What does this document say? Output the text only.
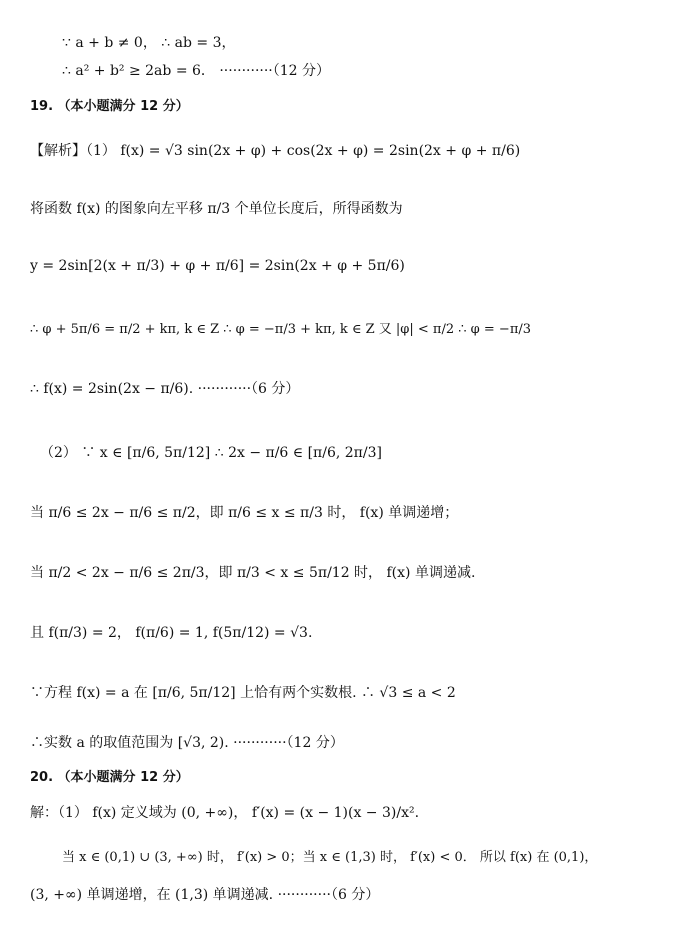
∵ a + b ≠ 0， ∴ ab = 3，
∴ a² + b² ≥ 2ab = 6． ············（12 分）
19. （本小题满分 12 分）
【解析】（1） f(x) = √3 sin(2x + φ) + cos(2x + φ) = 2sin(2x + φ + π/6)
将函数 f(x) 的图象向左平移 π/3 个单位长度后，所得函数为
y = 2sin[2(x + π/3) + φ + π/6] = 2sin(2x + φ + 5π/6)
∴ φ + 5π/6 = π/2 + kπ, k ∈ Z ∴ φ = −π/3 + kπ, k ∈ Z 又 |φ| < π/2 ∴ φ = −π/3
∴ f(x) = 2sin(2x − π/6). ············（6 分）
（2） ∵ x ∈ [π/6, 5π/12] ∴ 2x − π/6 ∈ [π/6, 2π/3]
当 π/6 ≤ 2x − π/6 ≤ π/2，即 π/6 ≤ x ≤ π/3 时， f(x) 单调递增；
当 π/2 < 2x − π/6 ≤ 2π/3，即 π/3 < x ≤ 5π/12 时， f(x) 单调递减.
且 f(π/3) = 2， f(π/6) = 1, f(5π/12) = √3.
∵方程 f(x) = a 在 [π/6, 5π/12] 上恰有两个实数根. ∴ √3 ≤ a < 2
∴实数 a 的取值范围为 [√3, 2). ············（12 分）
20. （本小题满分 12 分）
解：（1） f(x) 定义域为 (0, +∞)， f′(x) = (x − 1)(x − 3)/x².
当 x ∈ (0,1) ∪ (3, +∞) 时， f′(x) > 0；当 x ∈ (1,3) 时， f′(x) < 0． 所以 f(x) 在 (0,1)，
(3, +∞) 单调递增，在 (1,3) 单调递减. ············（6 分）
